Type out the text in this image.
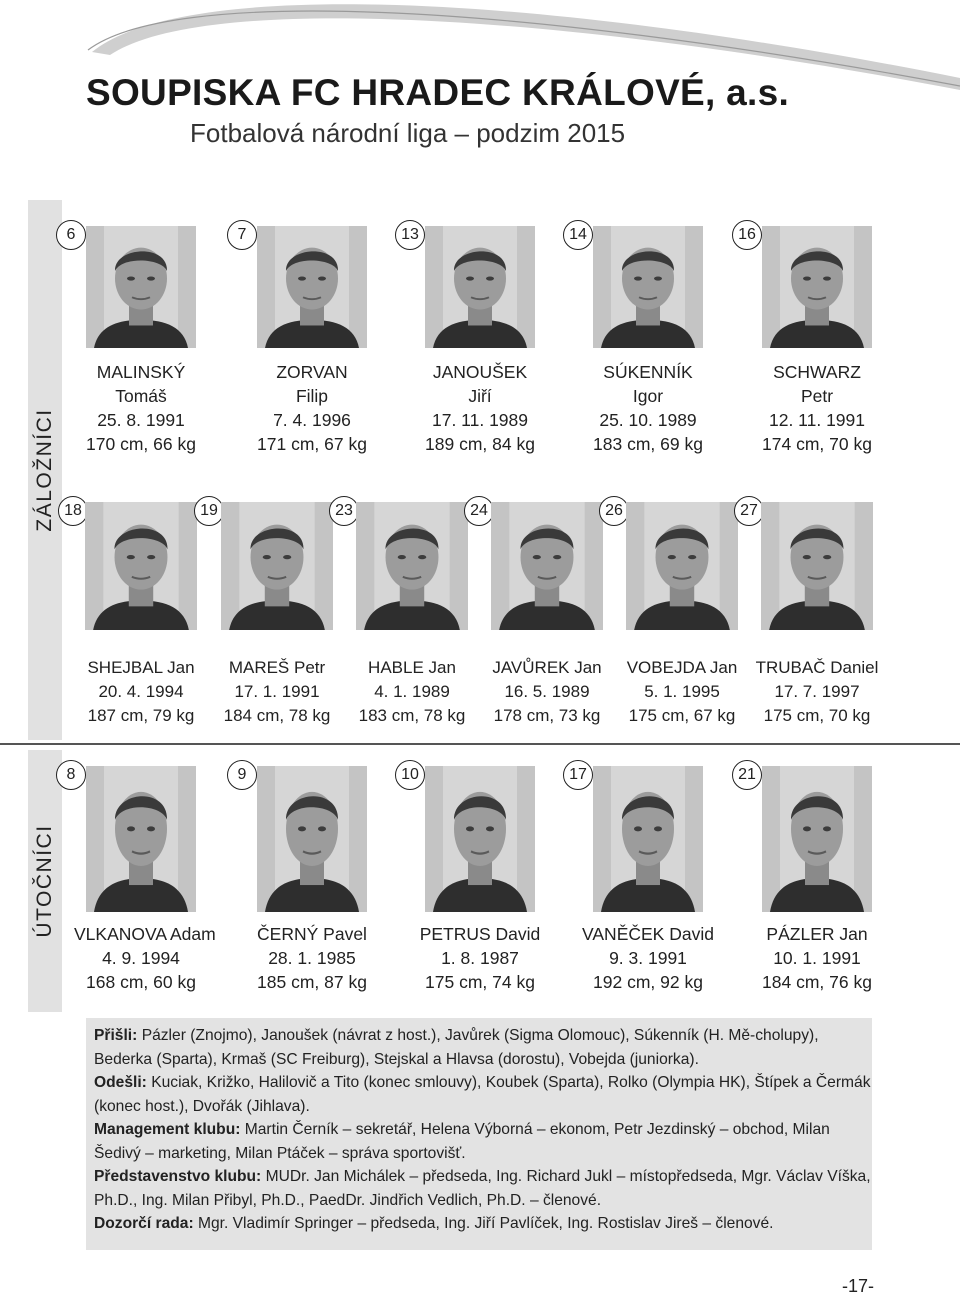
SOUPISKA FC HRADEC KRÁLOVÉ, a.s.
Fotbalová národní liga – podzim 2015
ZÁLOŽNÍCI
ÚTOČNÍCI
6
MALINSKÝ
Tomáš
25. 8. 1991
170 cm, 66 kg
7
ZORVAN
Filip
7. 4. 1996
171 cm, 67 kg
13
JANOUŠEK
Jiří
17. 11. 1989
189 cm, 84 kg
14
SÚKENNÍK
Igor
25. 10. 1989
183 cm, 69 kg
16
SCHWARZ
Petr
12. 11. 1991
174 cm, 70 kg
18
SHEJBAL Jan
20. 4. 1994
187 cm, 79 kg
19
MAREŠ Petr
17. 1. 1991
184 cm, 78 kg
23
HABLE Jan
4. 1. 1989
183 cm, 78 kg
24
JAVŮREK Jan
16. 5. 1989
178 cm, 73 kg
26
VOBEJDA Jan
5. 1. 1995
175 cm, 67 kg
27
TRUBAČ Daniel
17. 7. 1997
175 cm, 70 kg
8
VLKANOVA Adam
4. 9. 1994
168 cm, 60 kg
9
ČERNÝ Pavel
28. 1. 1985
185 cm, 87 kg
10
PETRUS David
1. 8. 1987
175 cm, 74 kg
17
VANĚČEK David
9. 3. 1991
192 cm, 92 kg
21
PÁZLER Jan
10. 1. 1991
184 cm, 76 kg

Přišli: Pázler (Znojmo), Janoušek (návrat z host.), Javůrek (Sigma Olomouc), Súkenník (H. Mě-cholupy), Bederka (Sparta), Krmaš (SC Freiburg), Stejskal a Hlavsa (dorostu), Vobejda (juniorka).

Odešli: Kuciak, Križko, Halilovič a Tito (konec smlouvy), Koubek (Sparta), Rolko (Olympia HK), Štípek a Čermák (konec host.), Dvořák (Jihlava).

Management klubu: Martin Černík – sekretář, Helena Výborná – ekonom, Petr Jezdinský – obchod, Milan Šedivý – marketing, Milan Ptáček – správa sportovišť.

Představenstvo klubu: MUDr. Jan Michálek – předseda, Ing. Richard Jukl – místopředseda, Mgr. Václav Víška, Ph.D., Ing. Milan Přibyl, Ph.D., PaedDr. Jindřich Vedlich, Ph.D. – členové.

Dozorčí rada: Mgr. Vladimír Springer – předseda, Ing. Jiří Pavlíček, Ing. Rostislav Jireš – členové.

-17-
